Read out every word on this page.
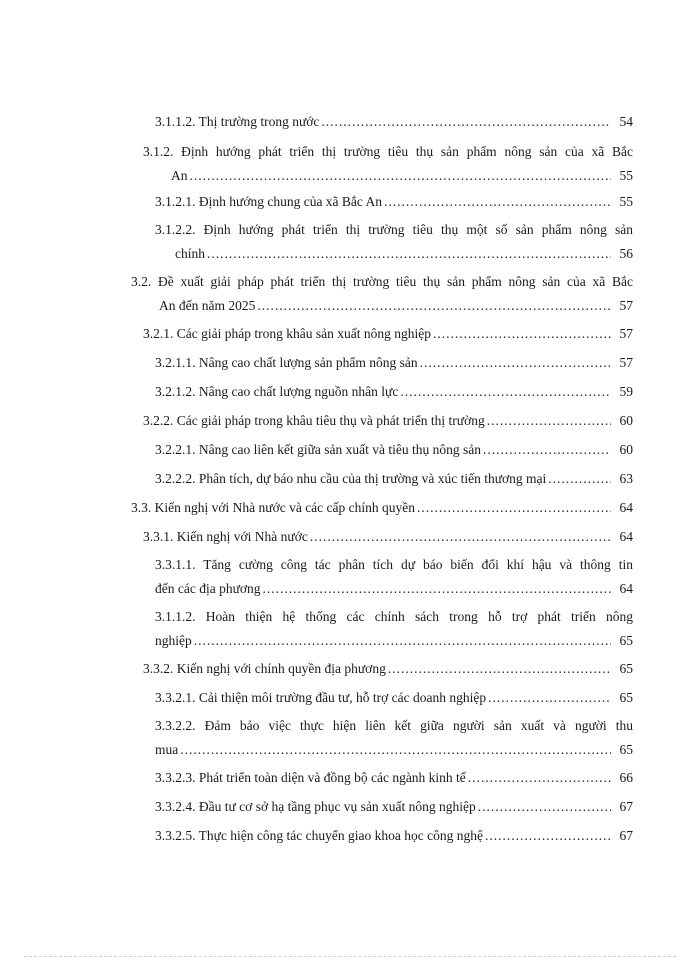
3.1.1.2. Thị trường trong nước .....	54
3.1.2. Định hướng phát triển thị trường tiêu thụ sản phẩm nông sản của xã Bắc
An .....	55
3.1.2.1. Định hướng chung của xã Bắc An .....	55
3.1.2.2. Định hướng phát triển thị trường tiêu thụ một số sản phẩm nông sản
chính .....	56
3.2. Đề xuất giải pháp phát triển thị trường tiêu thụ sản phẩm nông sản của xã Bắc
An đến năm 2025 .....	57
3.2.1. Các giải pháp trong khâu sản xuất nông nghiệp .....	57
3.2.1.1. Nâng cao chất lượng sản phẩm nông sản .....	57
3.2.1.2. Nâng cao chất lượng nguồn nhân lực .....	59
3.2.2. Các giải pháp trong khâu tiêu thụ và phát triển thị trường .....	60
3.2.2.1. Nâng cao liên kết giữa sản xuất và tiêu thụ nông sản .....	60
3.2.2.2. Phân tích, dự báo nhu cầu của thị trường và xúc tiến thương mại .....	63
3.3. Kiến nghị với Nhà nước và các cấp chính quyền .....	64
3.3.1. Kiến nghị với Nhà nước .....	64
3.3.1.1. Tăng cường công tác phân tích dự báo biến đổi khí hậu và thông tin
đến các địa phương .....	64
3.1.1.2. Hoàn thiện hệ thống các chính sách trong hỗ trợ phát triển nông
nghiệp .....	65
3.3.2. Kiến nghị với chính quyền địa phương .....	65
3.3.2.1. Cải thiện môi trường đầu tư, hỗ trợ các doanh nghiệp .....	65
3.3.2.2. Đảm bảo việc thực hiện liên kết giữa người sản xuất và người thu
mua .....	65
3.3.2.3. Phát triển toàn diện và đồng bộ các ngành kinh tế .....	66
3.3.2.4. Đầu tư cơ sở hạ tầng phục vụ sản xuất nông nghiệp .....	67
3.3.2.5. Thực hiện công tác chuyển giao khoa học công nghệ .....	67
